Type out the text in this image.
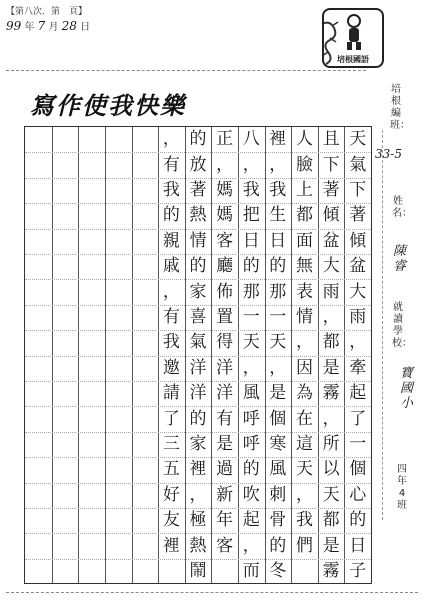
【第八次．第　頁】
99 年 7 月 28 日
寫作使我快樂
培根國語
培根編班：
33-5
姓名：
陳睿
就讀學校：
寶國小
四年4班
天
氣
下
著
傾
盆
大
雨
，
牽
起
了
一
個
心
的
日
子
且
下
著
傾
盆
大
雨
，
都
是
霧
，
所
以
天
都
是
霧
人
臉
上
都
面
無
表
情
，
因
為
在
這
天
，
我
們
裡
，
我
生
日
的
那
一
天
，
是
個
寒
風
刺
骨
的
冬
八
，
我
把
日
的
那
一
天
，
風
呼
呼
的
吹
起
，
而
正
，
媽
媽
客
廳
佈
置
得
洋
洋
有
是
過
新
年
客
的
放
著
熱
情
的
家
喜
氣
洋
洋
的
家
裡
，
極
熱
鬧
，
有
我
的
親
戚
，
有
我
邀
請
了
三
五
好
友
裡
